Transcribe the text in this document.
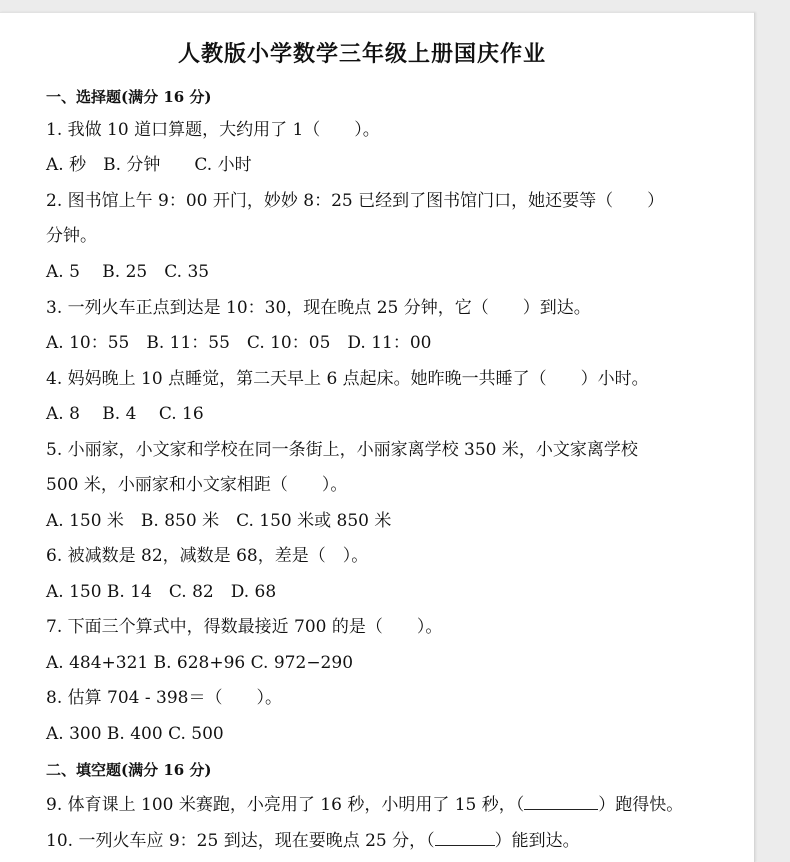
人教版小学数学三年级上册国庆作业
一、选择题(满分 16 分)
1. 我做 10 道口算题，大约用了 1（　　）。
A. 秒　B. 分钟　　C. 小时
2. 图书馆上午 9：00 开门，妙妙 8：25 已经到了图书馆门口，她还要等（　　）
分钟。
A. 5　 B. 25　C. 35
3. 一列火车正点到达是 10：30，现在晚点 25 分钟，它（　　）到达。
A. 10：55　B. 11：55　C. 10：05　D. 11：00
4. 妈妈晚上 10 点睡觉，第二天早上 6 点起床。她昨晚一共睡了（　　）小时。
A. 8　 B. 4　 C. 16
5. 小丽家，小文家和学校在同一条街上，小丽家离学校 350 米，小文家离学校
500 米，小丽家和小文家相距（　　）。
A. 150 米　B. 850 米　C. 150 米或 850 米
6. 被减数是 82，减数是 68，差是（　）。
A. 150 B. 14　C. 82　D. 68
7. 下面三个算式中，得数最接近 700 的是（　　）。
A. 484+321 B. 628+96 C. 972−290
8. 估算 704 - 398＝（　　）。
A. 300 B. 400 C. 500
二、填空题(满分 16 分)
9. 体育课上 100 米赛跑，小亮用了 16 秒，小明用了 15 秒，（	）跑得快。
10. 一列火车应 9：25 到达，现在要晚点 25 分，（	）能到达。
